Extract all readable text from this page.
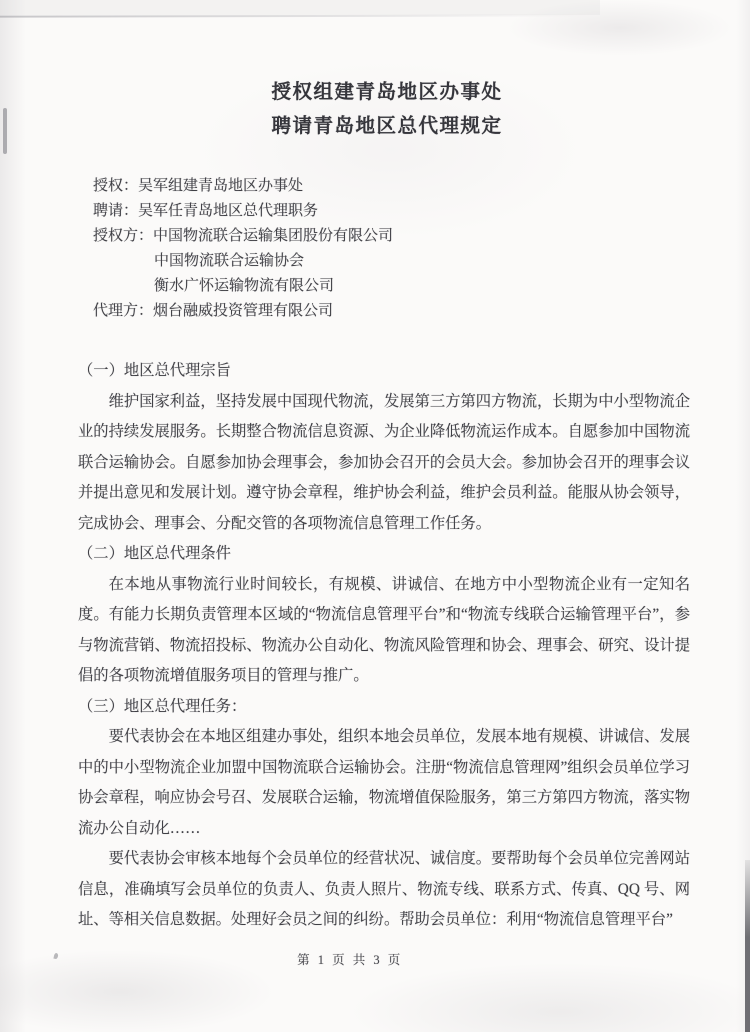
授权组建青岛地区办事处
聘请青岛地区总代理规定
授权：吴军组建青岛地区办事处
聘请：吴军任青岛地区总代理职务
授权方：中国物流联合运输集团股份有限公司
中国物流联合运输协会
衡水广怀运输物流有限公司
代理方：烟台融威投资管理有限公司
（一）地区总代理宗旨

维护国家利益，坚持发展中国现代物流，发展第三方第四方物流，长期为中小型物流企业的持续发展服务。长期整合物流信息资源、为企业降低物流运作成本。自愿参加中国物流联合运输协会。自愿参加协会理事会，参加协会召开的会员大会。参加协会召开的理事会议并提出意见和发展计划。遵守协会章程，维护协会利益，维护会员利益。能服从协会领导，完成协会、理事会、分配交管的各项物流信息管理工作任务。

（二）地区总代理条件

在本地从事物流行业时间较长，有规模、讲诚信、在地方中小型物流企业有一定知名度。有能力长期负责管理本区域的“物流信息管理平台”和“物流专线联合运输管理平台”，参与物流营销、物流招投标、物流办公自动化、物流风险管理和协会、理事会、研究、设计提倡的各项物流增值服务项目的管理与推广。

（三）地区总代理任务：

要代表协会在本地区组建办事处，组织本地会员单位，发展本地有规模、讲诚信、发展中的中小型物流企业加盟中国物流联合运输协会。注册“物流信息管理网”组织会员单位学习协会章程，响应协会号召、发展联合运输，物流增值保险服务，第三方第四方物流，落实物流办公自动化……

要代表协会审核本地每个会员单位的经营状况、诚信度。要帮助每个会员单位完善网站信息，准确填写会员单位的负责人、负责人照片、物流专线、联系方式、传真、QQ 号、网址、等相关信息数据。处理好会员之间的纠纷。帮助会员单位：利用“物流信息管理平台”

第 1 页 共 3 页
